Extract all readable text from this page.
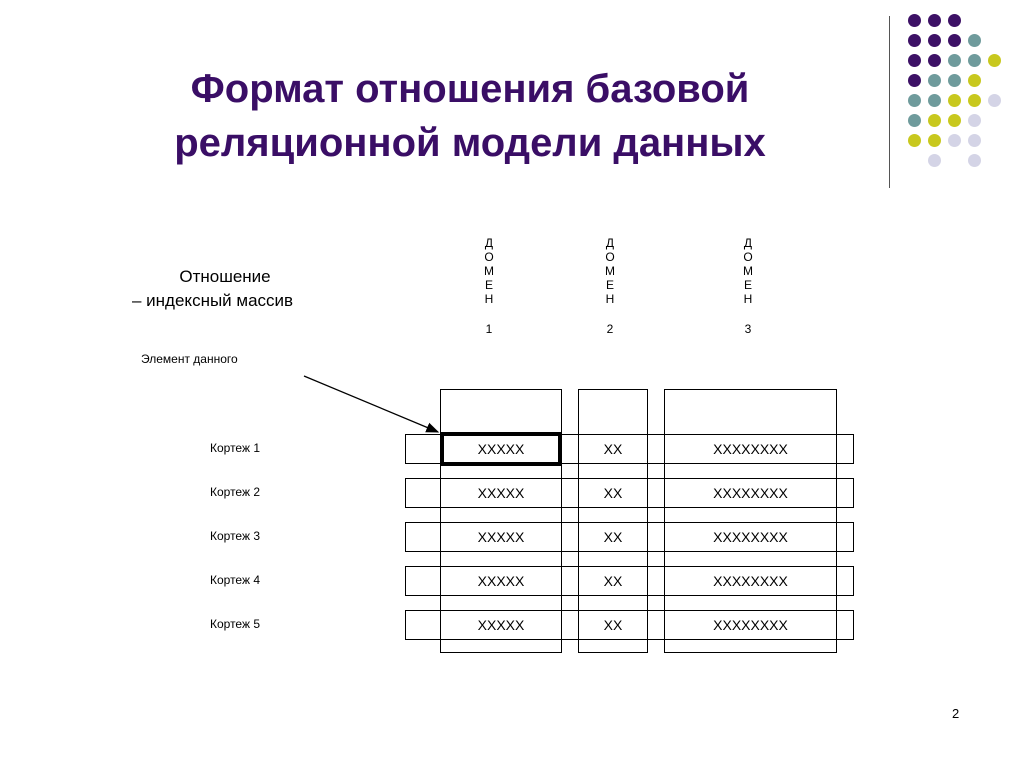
Формат отношения базовой
реляционной модели данных
Отношение
– индексный массив
Элемент данного
Д
О
М
Е
Н
1
Д
О
М
Е
Н
2
Д
О
М
Е
Н
3
XXXXX	XX	XXXXXXXX
XXXXX	XX	XXXXXXXX
XXXXX	XX	XXXXXXXX
XXXXX	XX	XXXXXXXX
XXXXX	XX	XXXXXXXX
Кортеж 1
Кортеж 2
Кортеж 3
Кортеж 4
Кортеж 5
2
